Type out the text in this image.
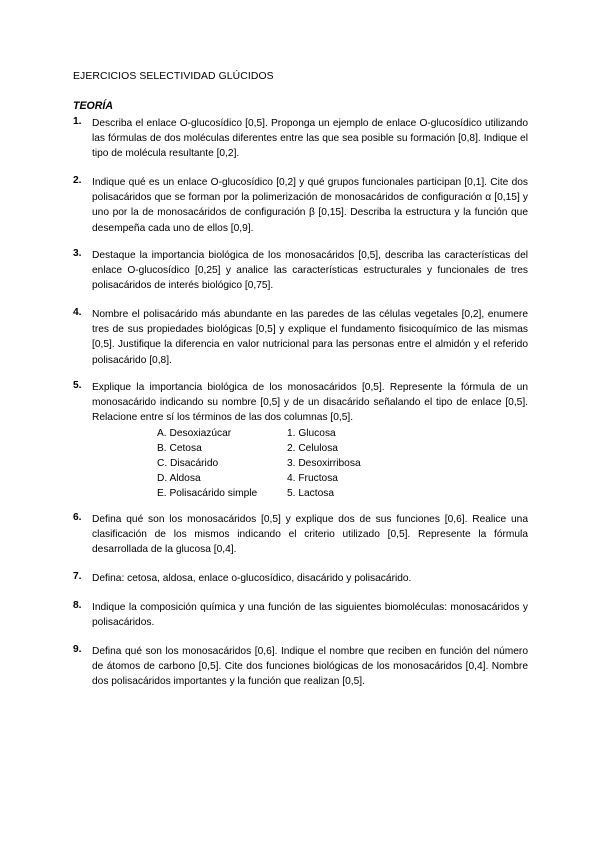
EJERCICIOS SELECTIVIDAD GLÚCIDOS
TEORÍA
1.	Describa el enlace O-glucosídico [0,5]. Proponga un ejemplo de enlace O-glucosídico utilizando las fórmulas de dos moléculas diferentes entre las que sea posible su formación [0,8]. Indique el tipo de molécula resultante [0,2].

2.	Indique qué es un enlace O-glucosídico [0,2] y qué grupos funcionales participan [0,1]. Cite dos polisacáridos que se forman por la polimerización de monosacáridos de configuración α [0,15] y uno por la de monosacáridos de configuración β [0,15]. Describa la estructura y la función que desempeña cada uno de ellos [0,9].

3.	Destaque la importancia biológica de los monosacáridos [0,5], describa las características del enlace O-glucosídico [0,25] y analice las características estructurales y funcionales de tres polisacáridos de interés biológico [0,75].

4.	Nombre el polisacárido más abundante en las paredes de las células vegetales [0,2], enumere tres de sus propiedades biológicas [0,5] y explique el fundamento fisicoquímico de las mismas [0,5]. Justifique la diferencia en valor nutricional para las personas entre el almidón y el referido polisacárido [0,8].

5.	Explique la importancia biológica de los monosacáridos [0,5]. Represente la fórmula de un monosacárido indicando su nombre [0,5] y de un disacárido señalando el tipo de enlace [0,5]. Relacione entre sí los términos de las dos columnas [0,5].

A. Desoxiazúcar	1. Glucosa
B. Cetosa	2. Celulosa
C. Disacárido	3. Desoxirribosa
D. Aldosa	4. Fructosa
E. Polisacárido simple	5. Lactosa
6.	Defina qué son los monosacáridos [0,5] y explique dos de sus funciones [0,6]. Realice una clasificación de los mismos indicando el criterio utilizado [0,5]. Represente la fórmula desarrollada de la glucosa [0,4].

7.	Defina: cetosa, aldosa, enlace o-glucosídico, disacárido y polisacárido.

8.	Indique la composición química y una función de las siguientes biomoléculas: monosacáridos y polisacáridos.

9.	Defina qué son los monosacáridos [0,6]. Indique el nombre que reciben en función del número de átomos de carbono [0,5]. Cite dos funciones biológicas de los monosacáridos [0,4]. Nombre dos polisacáridos importantes y la función que realizan [0,5].
